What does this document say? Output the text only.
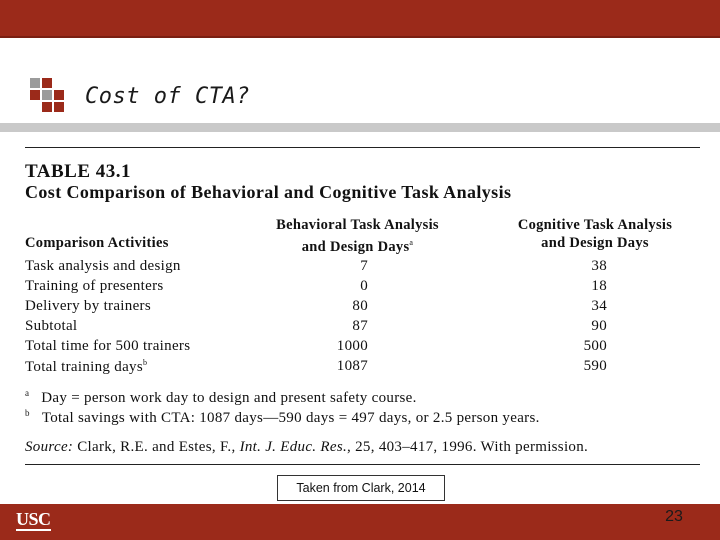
Cost of CTA?
TABLE 43.1
Cost Comparison of Behavioral and Cognitive Task Analysis
Comparison Activities
Behavioral Task Analysis
and Design Days$^a$
Cognitive Task Analysis
and Design Days
Task analysis and design	7	38
Training of presenters	0	18
Delivery by trainers	80	34
Subtotal	87	90
Total time for 500 trainers	1000	500
Total training days$^b$	1087	590
$^a$ Day = person work day to design and present safety course.
$^b$ Total savings with CTA: 1087 days—590 days = 497 days, or 2.5 person years.
Source: Clark, R.E. and Estes, F., Int. J. Educ. Res., 25, 403–417, 1996. With permission.
Taken from Clark, 2014
USC	23
